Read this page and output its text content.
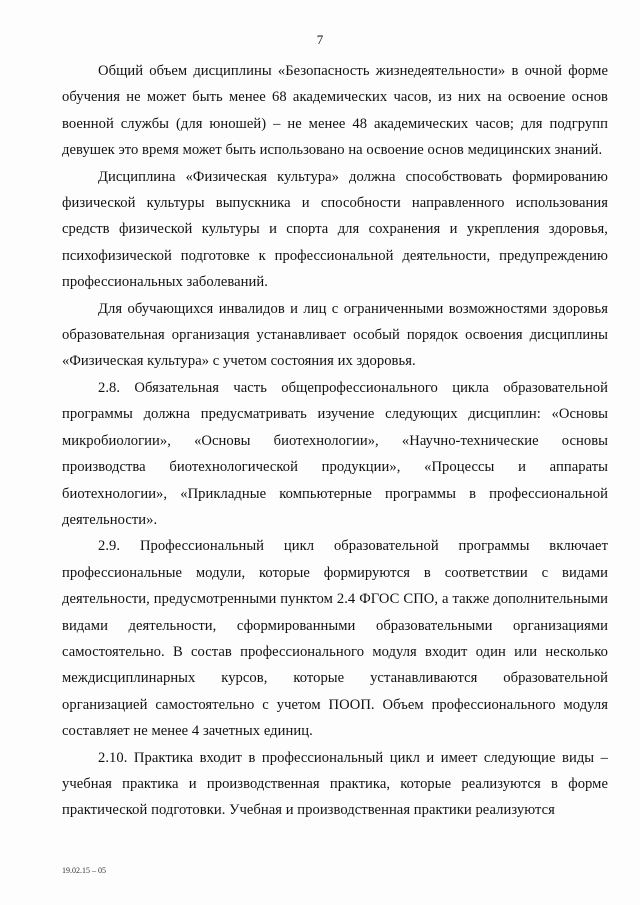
7

Общий объем дисциплины «Безопасность жизнедеятельности» в очной форме обучения не может быть менее 68 академических часов, из них на освоение основ военной службы (для юношей) – не менее 48 академических часов; для подгрупп девушек это время может быть использовано на освоение основ медицинских знаний.

Дисциплина «Физическая культура» должна способствовать формированию физической культуры выпускника и способности направленного использования средств физической культуры и спорта для сохранения и укрепления здоровья, психофизической подготовке к профессиональной деятельности, предупреждению профессиональных заболеваний.

Для обучающихся инвалидов и лиц с ограниченными возможностями здоровья образовательная организация устанавливает особый порядок освоения дисциплины «Физическая культура» с учетом состояния их здоровья.

2.8. Обязательная часть общепрофессионального цикла образовательной программы должна предусматривать изучение следующих дисциплин: «Основы микробиологии», «Основы биотехнологии», «Научно-технические основы производства биотехнологической продукции», «Процессы и аппараты биотехнологии», «Прикладные компьютерные программы в профессиональной деятельности».

2.9. Профессиональный цикл образовательной программы включает профессиональные модули, которые формируются в соответствии с видами деятельности, предусмотренными пунктом 2.4 ФГОС СПО, а также дополнительными видами деятельности, сформированными образовательными организациями самостоятельно. В состав профессионального модуля входит один или несколько междисциплинарных курсов, которые устанавливаются образовательной организацией самостоятельно с учетом ПООП. Объем профессионального модуля составляет не менее 4 зачетных единиц.

2.10. Практика входит в профессиональный цикл и имеет следующие виды – учебная практика и производственная практика, которые реализуются в форме практической подготовки. Учебная и производственная практики реализуются

19.02.15 – 05
